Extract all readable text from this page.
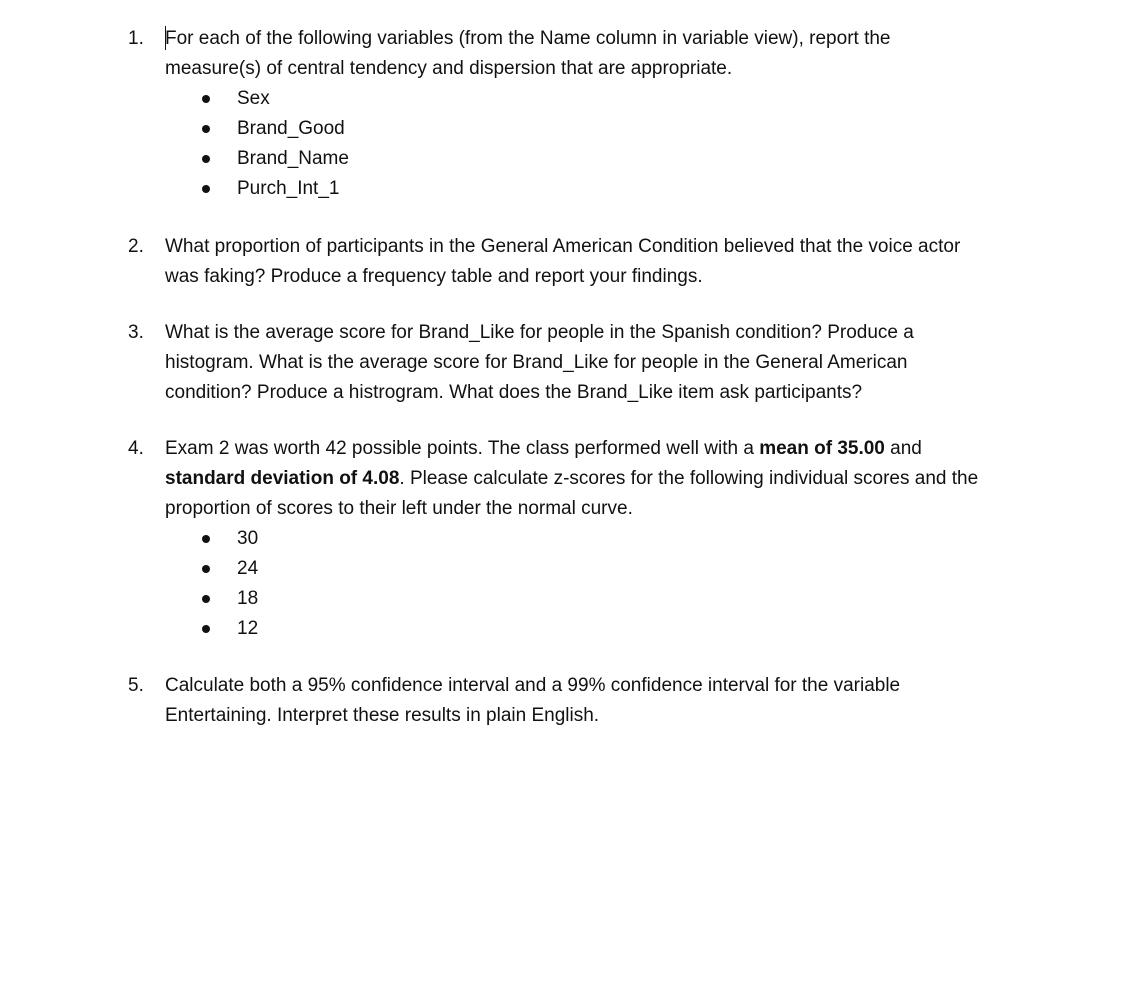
1.	For each of the following variables (from the Name column in variable view), report the

measure(s) of central tendency and dispersion that are appropriate.

Sex
Brand_Good
Brand_Name
Purch_Int_1
2.	What proportion of participants in the General American Condition believed that the voice actor

was faking? Produce a frequency table and report your findings.

3.	What is the average score for Brand_Like for people in the Spanish condition? Produce a

histogram. What is the average score for Brand_Like for people in the General American

condition? Produce a histrogram. What does the Brand_Like item ask participants?

4.	Exam 2 was worth 42 possible points. The class performed well with a mean of 35.00 and

standard deviation of 4.08. Please calculate z-scores for the following individual scores and the

proportion of scores to their left under the normal curve.

30
24
18
12
5.	Calculate both a 95% confidence interval and a 99% confidence interval for the variable

Entertaining. Interpret these results in plain English.
